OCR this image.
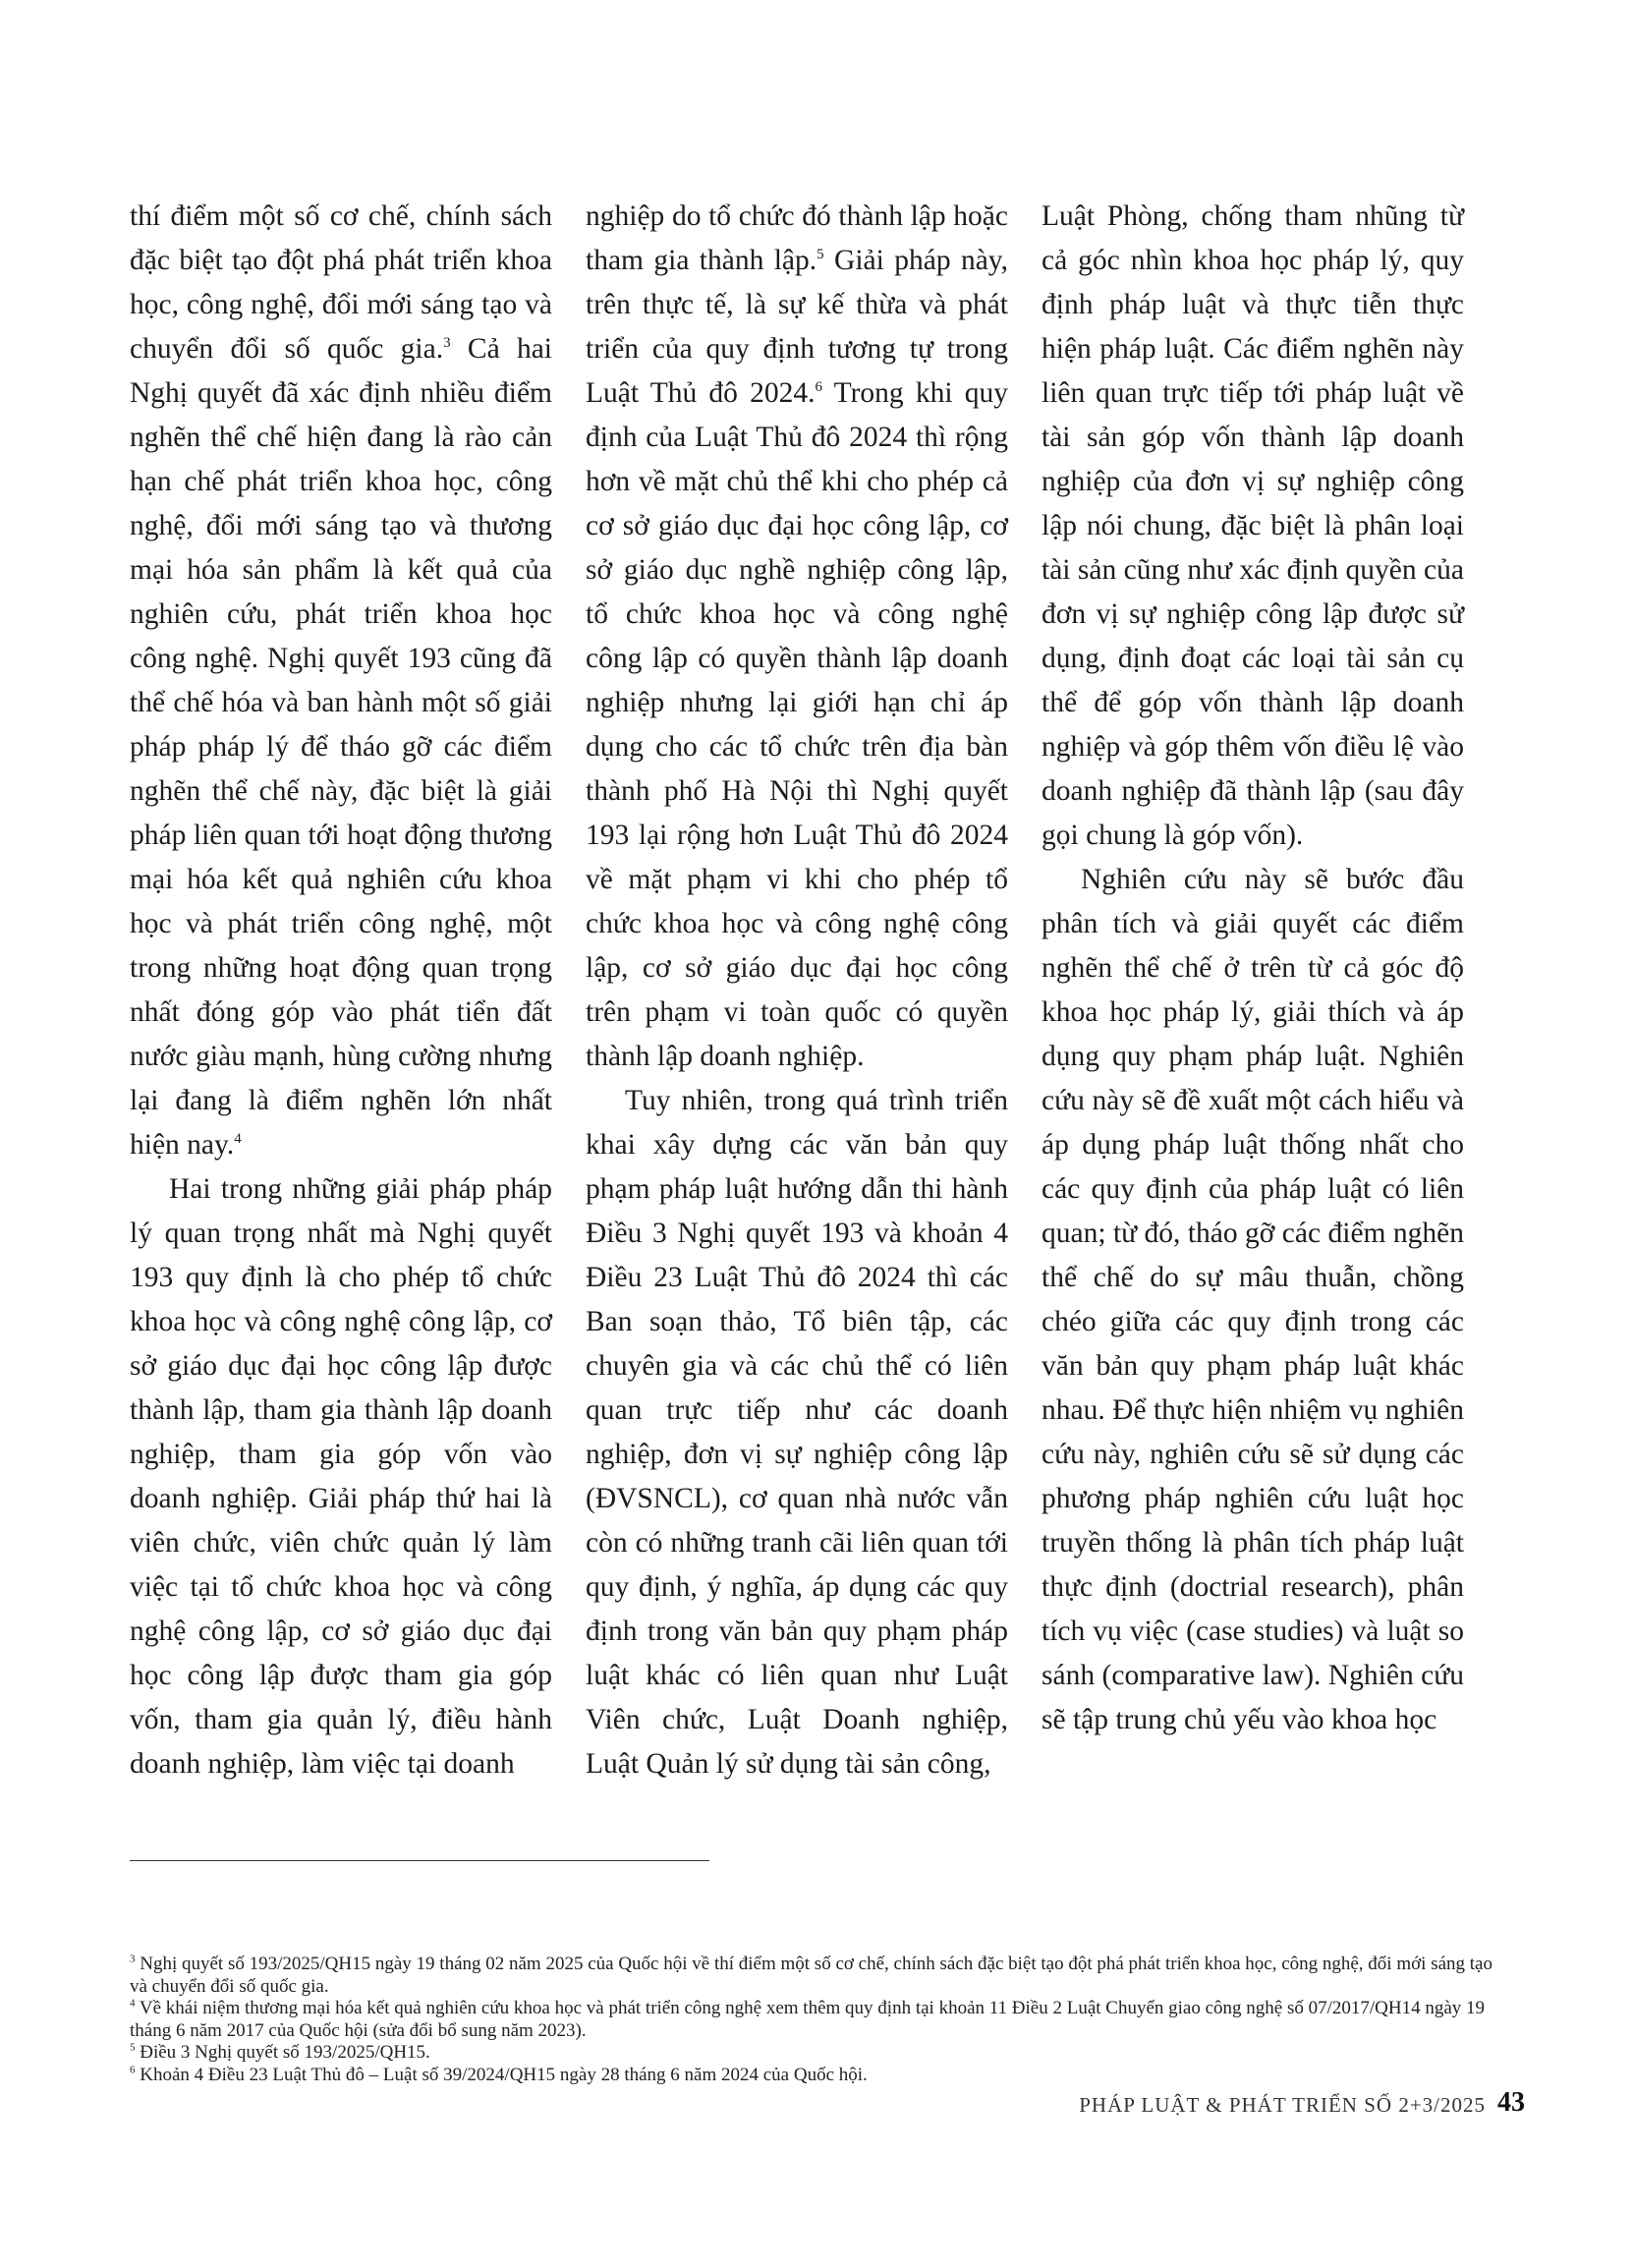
thí điểm một số cơ chế, chính sách đặc biệt tạo đột phá phát triển khoa học, công nghệ, đổi mới sáng tạo và chuyển đổi số quốc gia.$^3$ Cả hai Nghị quyết đã xác định nhiều điểm nghẽn thể chế hiện đang là rào cản hạn chế phát triển khoa học, công nghệ, đổi mới sáng tạo và thương mại hóa sản phẩm là kết quả của nghiên cứu, phát triển khoa học công nghệ. Nghị quyết 193 cũng đã thể chế hóa và ban hành một số giải pháp pháp lý để tháo gỡ các điểm nghẽn thể chế này, đặc biệt là giải pháp liên quan tới hoạt động thương mại hóa kết quả nghiên cứu khoa học và phát triển công nghệ, một trong những hoạt động quan trọng nhất đóng góp vào phát tiển đất nước giàu mạnh, hùng cường nhưng lại đang là điểm nghẽn lớn nhất hiện nay.$^4$

Hai trong những giải pháp pháp lý quan trọng nhất mà Nghị quyết 193 quy định là cho phép tổ chức khoa học và công nghệ công lập, cơ sở giáo dục đại học công lập được thành lập, tham gia thành lập doanh nghiệp, tham gia góp vốn vào doanh nghiệp. Giải pháp thứ hai là viên chức, viên chức quản lý làm việc tại tổ chức khoa học và công nghệ công lập, cơ sở giáo dục đại học công lập được tham gia góp vốn, tham gia quản lý, điều hành doanh nghiệp, làm việc tại doanh

nghiệp do tổ chức đó thành lập hoặc tham gia thành lập.$^5$ Giải pháp này, trên thực tế, là sự kế thừa và phát triển của quy định tương tự trong Luật Thủ đô 2024.$^6$ Trong khi quy định của Luật Thủ đô 2024 thì rộng hơn về mặt chủ thể khi cho phép cả cơ sở giáo dục đại học công lập, cơ sở giáo dục nghề nghiệp công lập, tổ chức khoa học và công nghệ công lập có quyền thành lập doanh nghiệp nhưng lại giới hạn chỉ áp dụng cho các tổ chức trên địa bàn thành phố Hà Nội thì Nghị quyết 193 lại rộng hơn Luật Thủ đô 2024 về mặt phạm vi khi cho phép tổ chức khoa học và công nghệ công lập, cơ sở giáo dục đại học công trên phạm vi toàn quốc có quyền thành lập doanh nghiệp.

Tuy nhiên, trong quá trình triển khai xây dựng các văn bản quy phạm pháp luật hướng dẫn thi hành Điều 3 Nghị quyết 193 và khoản 4 Điều 23 Luật Thủ đô 2024 thì các Ban soạn thảo, Tổ biên tập, các chuyên gia và các chủ thể có liên quan trực tiếp như các doanh nghiệp, đơn vị sự nghiệp công lập (ĐVSNCL), cơ quan nhà nước vẫn còn có những tranh cãi liên quan tới quy định, ý nghĩa, áp dụng các quy định trong văn bản quy phạm pháp luật khác có liên quan như Luật Viên chức, Luật Doanh nghiệp, Luật Quản lý sử dụng tài sản công,

Luật Phòng, chống tham nhũng từ cả góc nhìn khoa học pháp lý, quy định pháp luật và thực tiễn thực hiện pháp luật. Các điểm nghẽn này liên quan trực tiếp tới pháp luật về tài sản góp vốn thành lập doanh nghiệp của đơn vị sự nghiệp công lập nói chung, đặc biệt là phân loại tài sản cũng như xác định quyền của đơn vị sự nghiệp công lập được sử dụng, định đoạt các loại tài sản cụ thể để góp vốn thành lập doanh nghiệp và góp thêm vốn điều lệ vào doanh nghiệp đã thành lập (sau đây gọi chung là góp vốn).

Nghiên cứu này sẽ bước đầu phân tích và giải quyết các điểm nghẽn thể chế ở trên từ cả góc độ khoa học pháp lý, giải thích và áp dụng quy phạm pháp luật. Nghiên cứu này sẽ đề xuất một cách hiểu và áp dụng pháp luật thống nhất cho các quy định của pháp luật có liên quan; từ đó, tháo gỡ các điểm nghẽn thể chế do sự mâu thuẫn, chồng chéo giữa các quy định trong các văn bản quy phạm pháp luật khác nhau. Để thực hiện nhiệm vụ nghiên cứu này, nghiên cứu sẽ sử dụng các phương pháp nghiên cứu luật học truyền thống là phân tích pháp luật thực định (doctrial research), phân tích vụ việc (case studies) và luật so sánh (comparative law). Nghiên cứu sẽ tập trung chủ yếu vào khoa học

$^3$ Nghị quyết số 193/2025/QH15 ngày 19 tháng 02 năm 2025 của Quốc hội về thí điểm một số cơ chế, chính sách đặc biệt tạo đột phá phát triển khoa học, công nghệ, đổi mới sáng tạo và chuyển đổi số quốc gia.
$^4$ Về khái niệm thương mại hóa kết quả nghiên cứu khoa học và phát triển công nghệ xem thêm quy định tại khoản 11 Điều 2 Luật Chuyển giao công nghệ số 07/2017/QH14 ngày 19 tháng 6 năm 2017 của Quốc hội (sửa đổi bổ sung năm 2023).
$^5$ Điều 3 Nghị quyết số 193/2025/QH15.
$^6$ Khoản 4 Điều 23 Luật Thủ đô – Luật số 39/2024/QH15 ngày 28 tháng 6 năm 2024 của Quốc hội.
PHÁP LUẬT & PHÁT TRIỂN SỐ 2+3/2025 43
